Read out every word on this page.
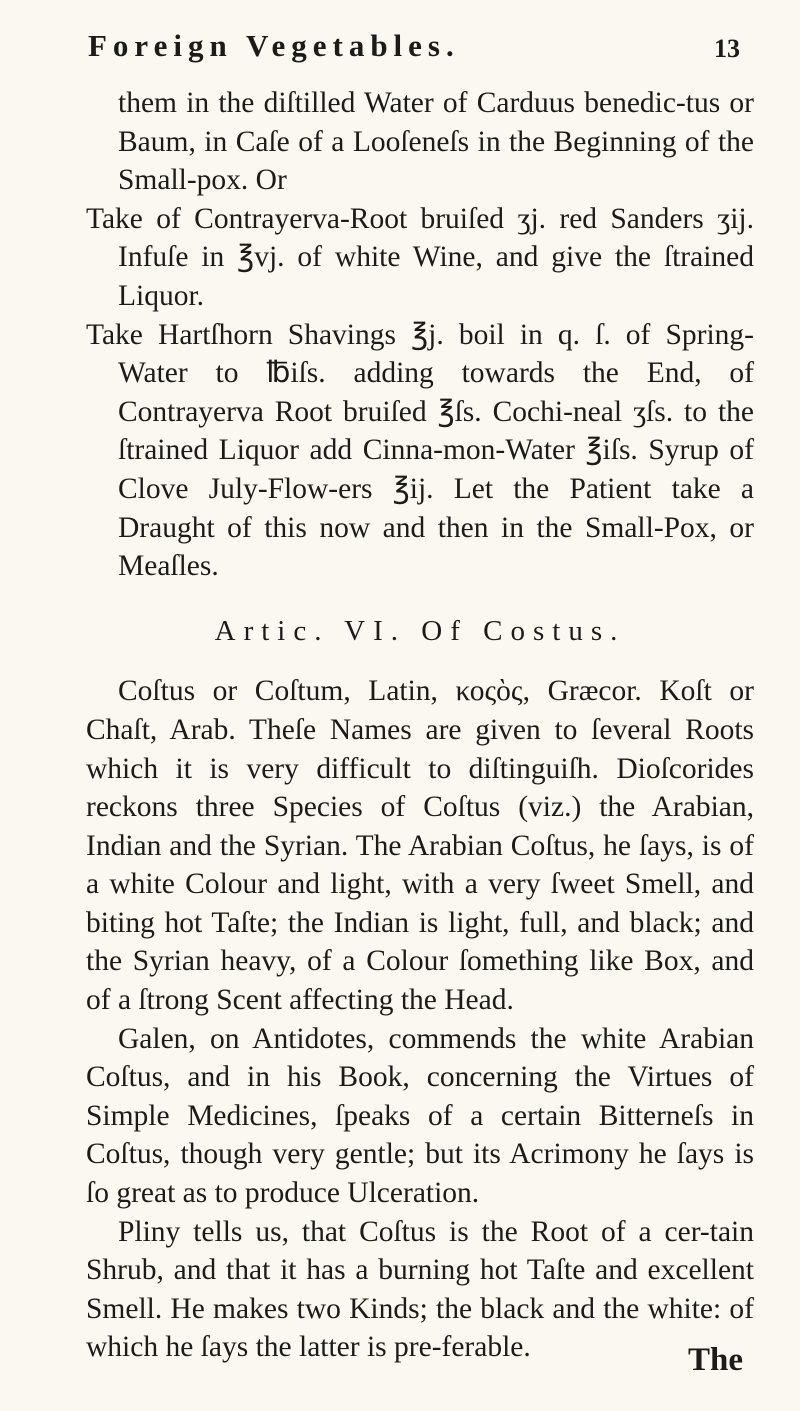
Foreign Vegetables.	13

them in the diſtilled Water of Carduus benedic-tus or Baum, in Caſe of a Looſeneſs in the Beginning of the Small-pox. Or

Take of Contrayerva-Root bruiſed ʒj. red Sanders ʒij. Infuſe in ℥vj. of white Wine, and give the ſtrained Liquor.

Take Hartſhorn Shavings ℥j. boil in q. ſ. of Spring-Water to ℔iſs. adding towards the End, of Contrayerva Root bruiſed ℥ſs. Cochi-neal ʒſs. to the ſtrained Liquor add Cinna-mon-Water ℥iſs. Syrup of Clove July-Flow-ers ℥ij. Let the Patient take a Draught of this now and then in the Small-Pox, or Meaſles.

Artic. VI. Of Costus.

Coſtus or Coſtum, Latin, κοςὸς, Græcor. Koſt or Chaſt, Arab. Theſe Names are given to ſeveral Roots which it is very difficult to diſtinguiſh. Dioſcorides reckons three Species of Coſtus (viz.) the Arabian, Indian and the Syrian. The Arabian Coſtus, he ſays, is of a white Colour and light, with a very ſweet Smell, and biting hot Taſte; the Indian is light, full, and black; and the Syrian heavy, of a Colour ſomething like Box, and of a ſtrong Scent affecting the Head.

Galen, on Antidotes, commends the white Arabian Coſtus, and in his Book, concerning the Virtues of Simple Medicines, ſpeaks of a certain Bitterneſs in Coſtus, though very gentle; but its Acrimony he ſays is ſo great as to produce Ulceration.

Pliny tells us, that Coſtus is the Root of a cer-tain Shrub, and that it has a burning hot Taſte and excellent Smell. He makes two Kinds; the black and the white: of which he ſays the latter is pre-ferable.	The
